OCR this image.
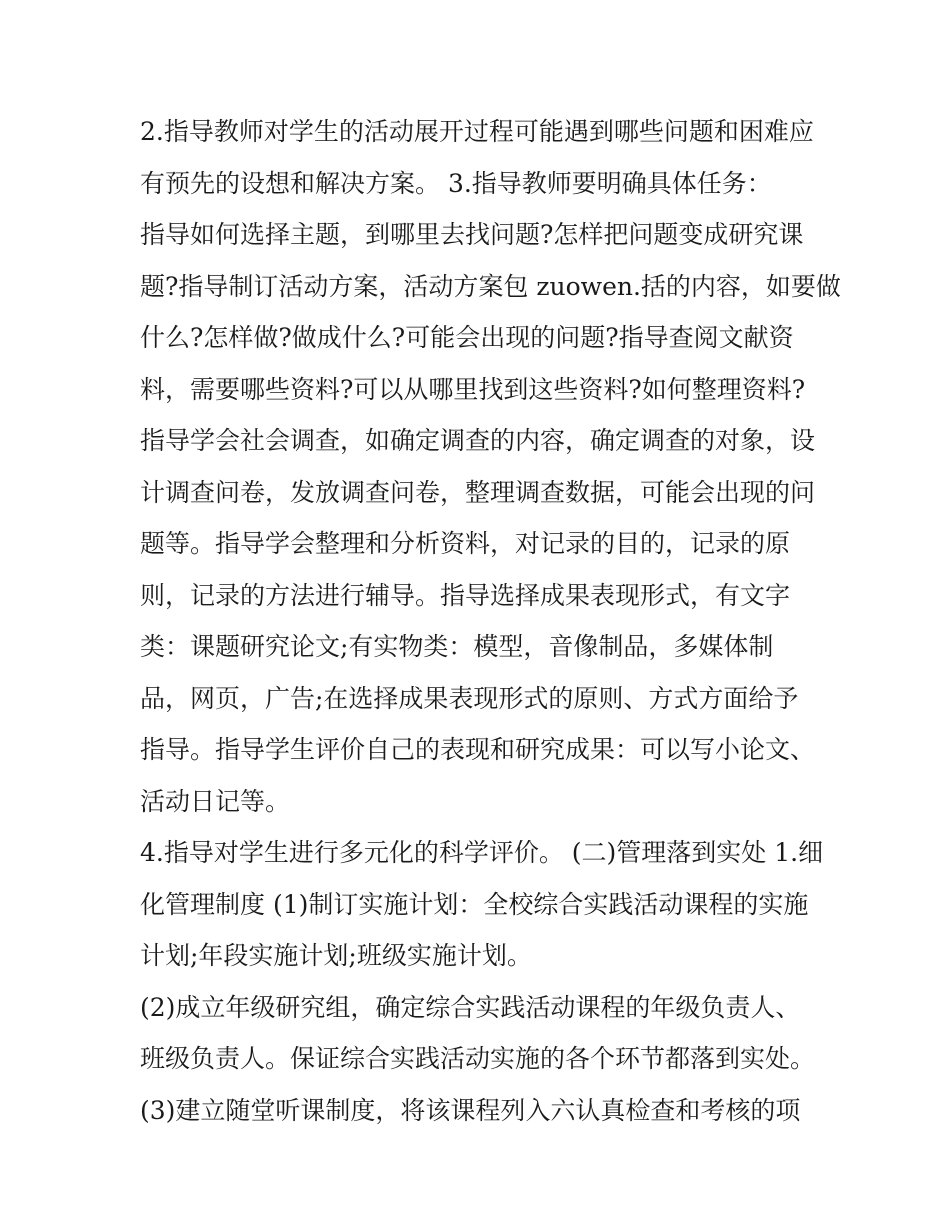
2.指导教师对学生的活动展开过程可能遇到哪些问题和困难应
有预先的设想和解决方案。 3.指导教师要明确具体任务：
指导如何选择主题，到哪里去找问题?怎样把问题变成研究课
题?指导制订活动方案，活动方案包 zuowen.括的内容，如要做
什么?怎样做?做成什么?可能会出现的问题?指导查阅文献资
料，需要哪些资料?可以从哪里找到这些资料?如何整理资料?
指导学会社会调查，如确定调查的内容，确定调查的对象，设
计调查问卷，发放调查问卷，整理调查数据，可能会出现的问
题等。指导学会整理和分析资料，对记录的目的，记录的原
则，记录的方法进行辅导。指导选择成果表现形式，有文字
类：课题研究论文;有实物类：模型，音像制品，多媒体制
品，网页，广告;在选择成果表现形式的原则、方式方面给予
指导。指导学生评价自己的表现和研究成果：可以写小论文、
活动日记等。
4.指导对学生进行多元化的科学评价。 (二)管理落到实处 1.细
化管理制度 (1)制订实施计划：全校综合实践活动课程的实施
计划;年段实施计划;班级实施计划。
(2)成立年级研究组，确定综合实践活动课程的年级负责人、
班级负责人。保证综合实践活动实施的各个环节都落到实处。
(3)建立随堂听课制度，将该课程列入六认真检查和考核的项
